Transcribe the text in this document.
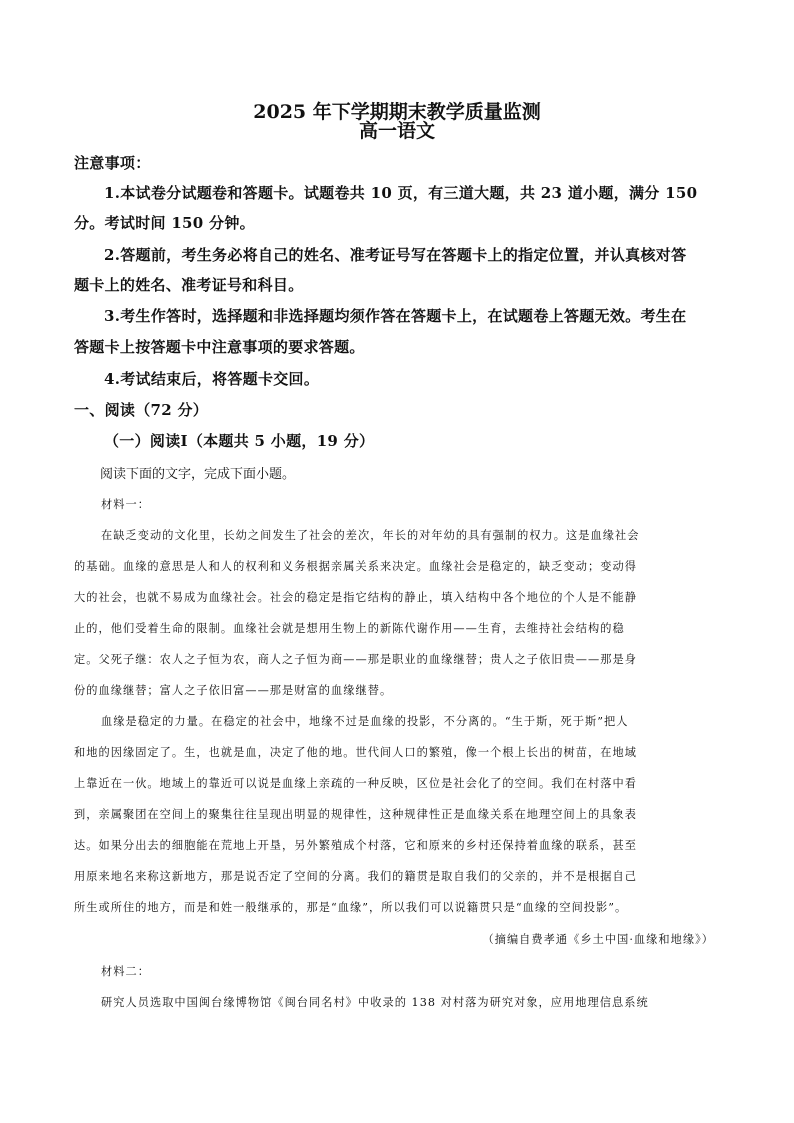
2025 年下学期期末教学质量监测
高一语文
注意事项：
1.本试卷分试题卷和答题卡。试题卷共 10 页，有三道大题，共 23 道小题，满分 150
分。考试时间 150 分钟。
2.答题前，考生务必将自己的姓名、准考证号写在答题卡上的指定位置，并认真核对答
题卡上的姓名、准考证号和科目。
3.考生作答时，选择题和非选择题均须作答在答题卡上，在试题卷上答题无效。考生在
答题卡上按答题卡中注意事项的要求答题。
4.考试结束后，将答题卡交回。
一、阅读（72 分）
（一）阅读Ⅰ（本题共 5 小题，19 分）
阅读下面的文字，完成下面小题。
材料一：
在缺乏变动的文化里，长幼之间发生了社会的差次，年长的对年幼的具有强制的权力。这是血缘社会
的基础。血缘的意思是人和人的权利和义务根据亲属关系来决定。血缘社会是稳定的，缺乏变动；变动得
大的社会，也就不易成为血缘社会。社会的稳定是指它结构的静止，填入结构中各个地位的个人是不能静
止的，他们受着生命的限制。血缘社会就是想用生物上的新陈代谢作用——生育，去维持社会结构的稳
定。父死子继：农人之子恒为农，商人之子恒为商——那是职业的血缘继替；贵人之子依旧贵——那是身
份的血缘继替；富人之子依旧富——那是财富的血缘继替。
血缘是稳定的力量。在稳定的社会中，地缘不过是血缘的投影，不分离的。“生于斯，死于斯”把人
和地的因缘固定了。生，也就是血，决定了他的地。世代间人口的繁殖，像一个根上长出的树苗，在地域
上靠近在一伙。地域上的靠近可以说是血缘上亲疏的一种反映，区位是社会化了的空间。我们在村落中看
到，亲属聚团在空间上的聚集往往呈现出明显的规律性，这种规律性正是血缘关系在地理空间上的具象表
达。如果分出去的细胞能在荒地上开垦，另外繁殖成个村落，它和原来的乡村还保持着血缘的联系，甚至
用原来地名来称这新地方，那是说否定了空间的分离。我们的籍贯是取自我们的父亲的，并不是根据自己
所生或所住的地方，而是和姓一般继承的，那是“血缘”，所以我们可以说籍贯只是“血缘的空间投影”。
（摘编自费孝通《乡土中国·血缘和地缘》）
材料二：
研究人员选取中国闽台缘博物馆《闽台同名村》中收录的 138 对村落为研究对象，应用地理信息系统
